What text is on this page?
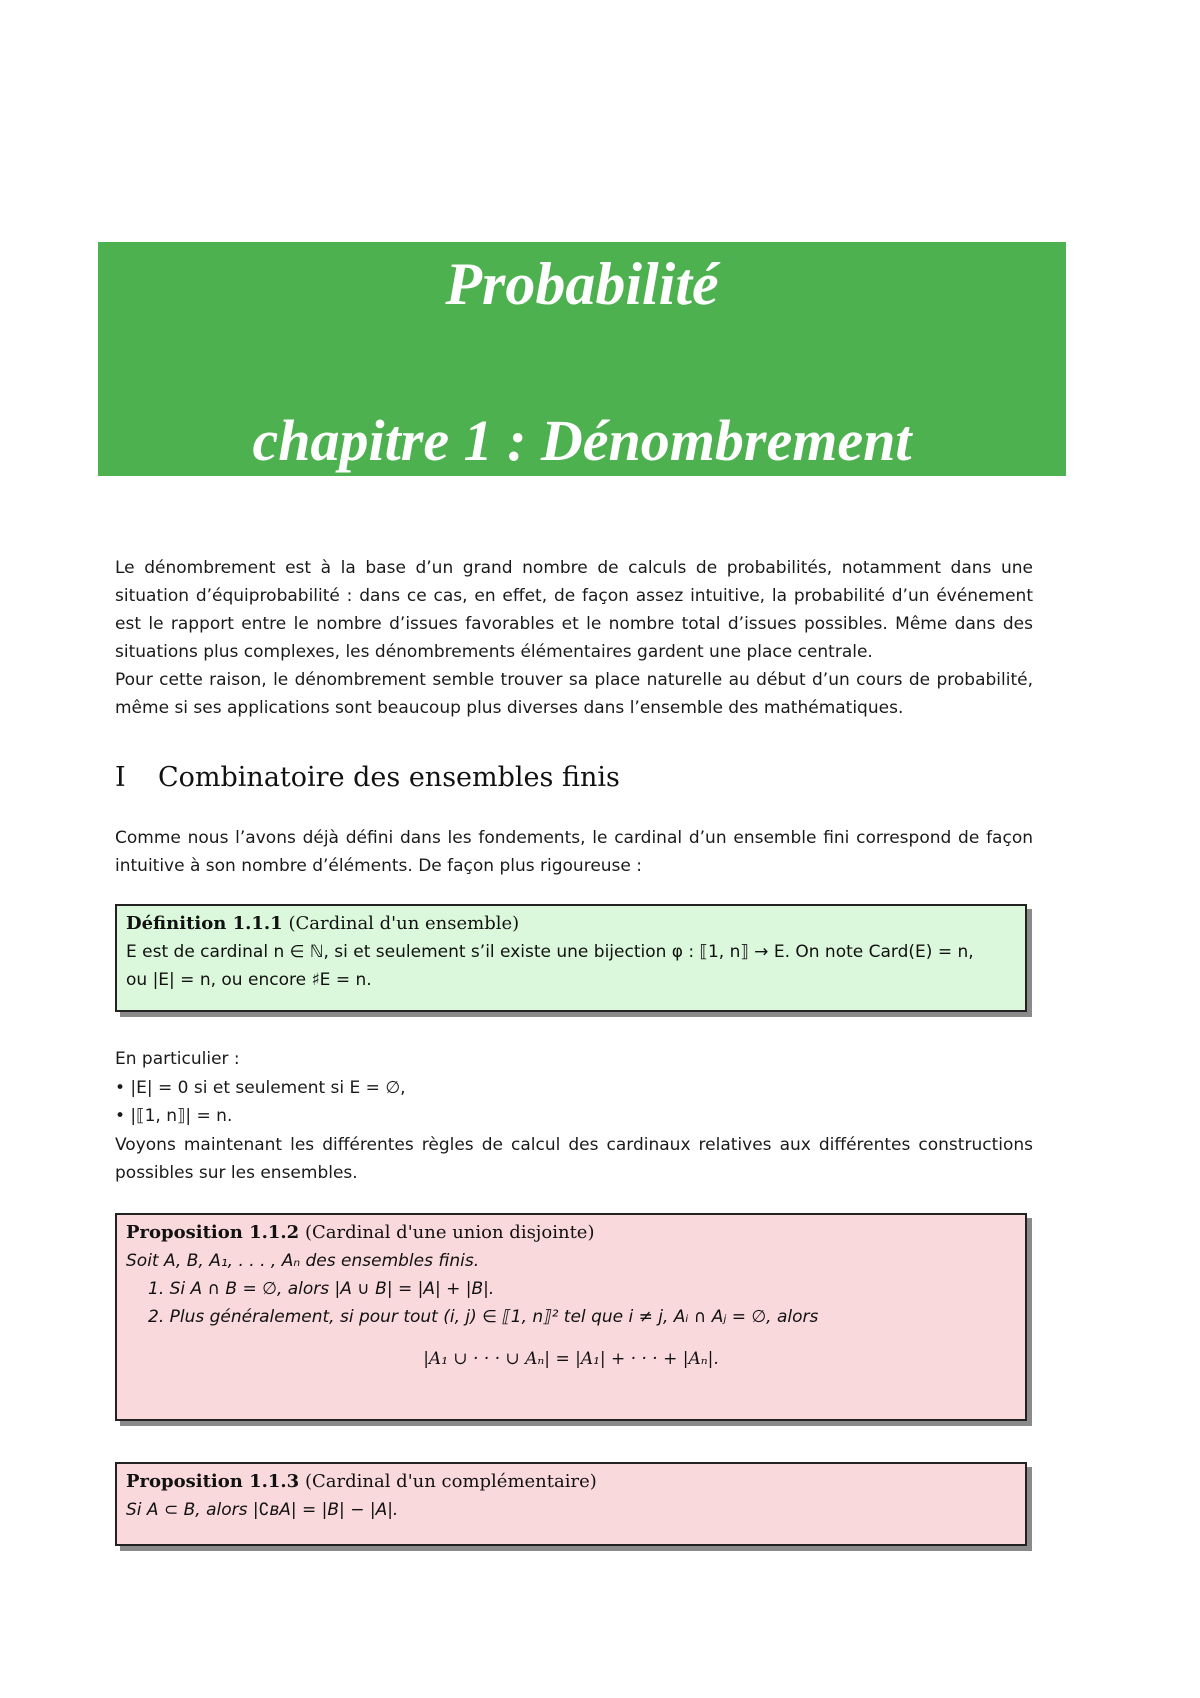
Probabilité
chapitre 1 : Dénombrement
Le dénombrement est à la base d’un grand nombre de calculs de probabilités, notamment dans une situation d’équiprobabilité : dans ce cas, en effet, de façon assez intuitive, la probabilité d’un événement est le rapport entre le nombre d’issues favorables et le nombre total d’issues possibles. Même dans des situations plus complexes, les dénombrements élémentaires gardent une place centrale.
Pour cette raison, le dénombrement semble trouver sa place naturelle au début d’un cours de probabilité, même si ses applications sont beaucoup plus diverses dans l’ensemble des mathématiques.
I Combinatoire des ensembles finis
Comme nous l’avons déjà défini dans les fondements, le cardinal d’un ensemble fini correspond de façon intuitive à son nombre d’éléments. De façon plus rigoureuse :
Définition 1.1.1 (Cardinal d'un ensemble)
E est de cardinal n ∈ ℕ, si et seulement s’il existe une bijection φ : ⟦1, n⟧ → E. On note Card(E) = n,
ou |E| = n, ou encore ♯E = n.
En particulier :
• |E| = 0 si et seulement si E = ∅,
• |⟦1, n⟧| = n.
Voyons maintenant les différentes règles de calcul des cardinaux relatives aux différentes constructions possibles sur les ensembles.
Proposition 1.1.2 (Cardinal d'une union disjointe)
Soit A, B, A₁, . . . , Aₙ des ensembles finis.
1. Si A ∩ B = ∅, alors |A ∪ B| = |A| + |B|.
2. Plus généralement, si pour tout (i, j) ∈ ⟦1, n⟧² tel que i ≠ j, Aᵢ ∩ Aⱼ = ∅, alors
|A₁ ∪ · · · ∪ Aₙ| = |A₁| + · · · + |Aₙ|.
Proposition 1.1.3 (Cardinal d'un complémentaire)
Si A ⊂ B, alors |∁ʙA| = |B| − |A|.
